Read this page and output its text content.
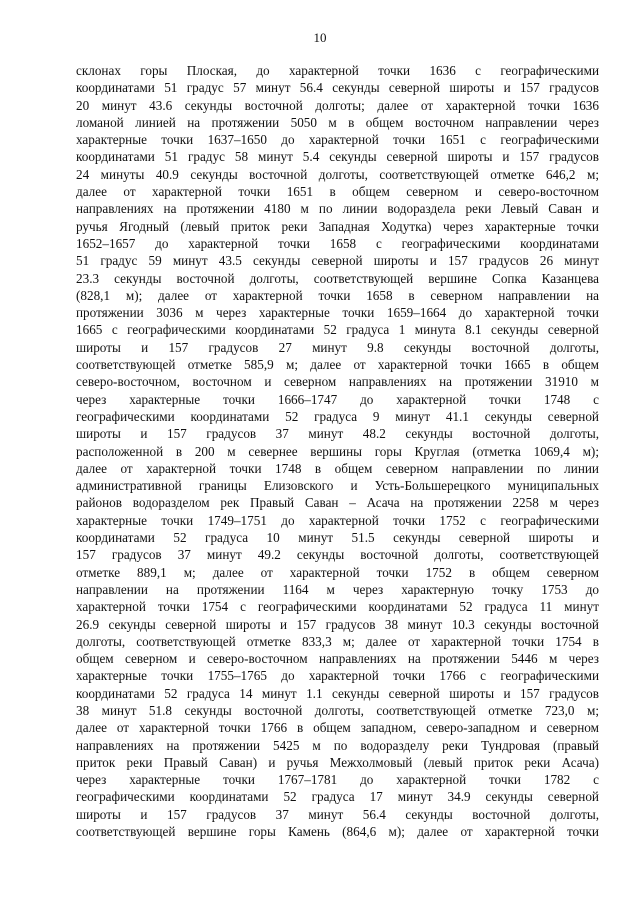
10
склонах горы Плоская, до характерной точки 1636 с географическими
координатами 51 градус 57 минут 56.4 секунды северной широты и 157 градусов
20 минут 43.6 секунды восточной долготы; далее от характерной точки 1636
ломаной линией на протяжении 5050 м в общем восточном направлении через
характерные точки 1637–1650 до характерной точки 1651 с географическими
координатами 51 градус 58 минут 5.4 секунды северной широты и 157 градусов
24 минуты 40.9 секунды восточной долготы, соответствующей отметке 646,2 м;
далее от характерной точки 1651 в общем северном и северо-восточном
направлениях на протяжении 4180 м по линии водораздела реки Левый Саван и
ручья Ягодный (левый приток реки Западная Ходутка) через характерные точки
1652–1657 до характерной точки 1658 с географическими координатами
51 градус 59 минут 43.5 секунды северной широты и 157 градусов 26 минут
23.3 секунды восточной долготы, соответствующей вершине Сопка Казанцева
(828,1 м); далее от характерной точки 1658 в северном направлении на
протяжении 3036 м через характерные точки 1659–1664 до характерной точки
1665 с географическими координатами 52 градуса 1 минута 8.1 секунды северной
широты и 157 градусов 27 минут 9.8 секунды восточной долготы,
соответствующей отметке 585,9 м; далее от характерной точки 1665 в общем
северо-восточном, восточном и северном направлениях на протяжении 31910 м
через характерные точки 1666–1747 до характерной точки 1748 с
географическими координатами 52 градуса 9 минут 41.1 секунды северной
широты и 157 градусов 37 минут 48.2 секунды восточной долготы,
расположенной в 200 м севернее вершины горы Круглая (отметка 1069,4 м);
далее от характерной точки 1748 в общем северном направлении по линии
административной границы Елизовского и Усть-Большерецкого муниципальных
районов водоразделом рек Правый Саван – Асача на протяжении 2258 м через
характерные точки 1749–1751 до характерной точки 1752 с географическими
координатами 52 градуса 10 минут 51.5 секунды северной широты и
157 градусов 37 минут 49.2 секунды восточной долготы, соответствующей
отметке 889,1 м; далее от характерной точки 1752 в общем северном
направлении на протяжении 1164 м через характерную точку 1753 до
характерной точки 1754 с географическими координатами 52 градуса 11 минут
26.9 секунды северной широты и 157 градусов 38 минут 10.3 секунды восточной
долготы, соответствующей отметке 833,3 м; далее от характерной точки 1754 в
общем северном и северо-восточном направлениях на протяжении 5446 м через
характерные точки 1755–1765 до характерной точки 1766 с географическими
координатами 52 градуса 14 минут 1.1 секунды северной широты и 157 градусов
38 минут 51.8 секунды восточной долготы, соответствующей отметке 723,0 м;
далее от характерной точки 1766 в общем западном, северо-западном и северном
направлениях на протяжении 5425 м по водоразделу реки Тундровая (правый
приток реки Правый Саван) и ручья Межхолмовый (левый приток реки Асача)
через характерные точки 1767–1781 до характерной точки 1782 с
географическими координатами 52 градуса 17 минут 34.9 секунды северной
широты и 157 градусов 37 минут 56.4 секунды восточной долготы,
соответствующей вершине горы Камень (864,6 м); далее от характерной точки
